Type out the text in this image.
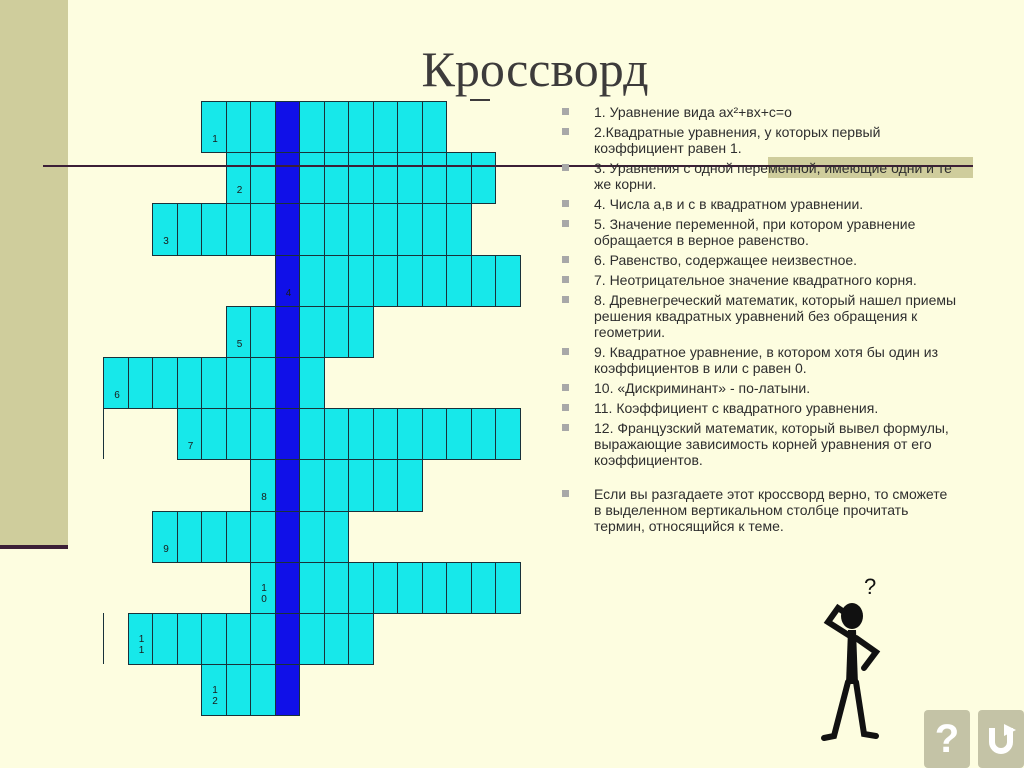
Кроссворд
1
2
3
4
5
6
7
8
9
1
0
1
1
1
2
1. Уравнение вида ax²+вх+с=о
2.Квадратные уравнения, у которых первый коэффициент равен 1.
3. Уравнения с одной переменной, имеющие одни и те же корни.
4. Числа а,в и с в квадратном уравнении.
5. Значение переменной, при котором уравнение обращается в верное равенство.
6. Равенство, содержащее неизвестное.
7. Неотрицательное значение квадратного корня.
8. Древнегреческий математик, который нашел приемы решения квадратных уравнений без обращения к геометрии.
9. Квадратное уравнение, в котором хотя бы один из коэффициентов в или с равен 0.
10. «Дискриминант» - по-латыни.
11. Коэффициент с квадратного уравнения.
12. Французский математик, который вывел формулы, выражающие зависимость корней уравнения от его коэффициентов.
Если вы разгадаете этот кроссворд верно, то сможете в выделенном вертикальном столбце прочитать термин, относящийся к теме.
?
?
